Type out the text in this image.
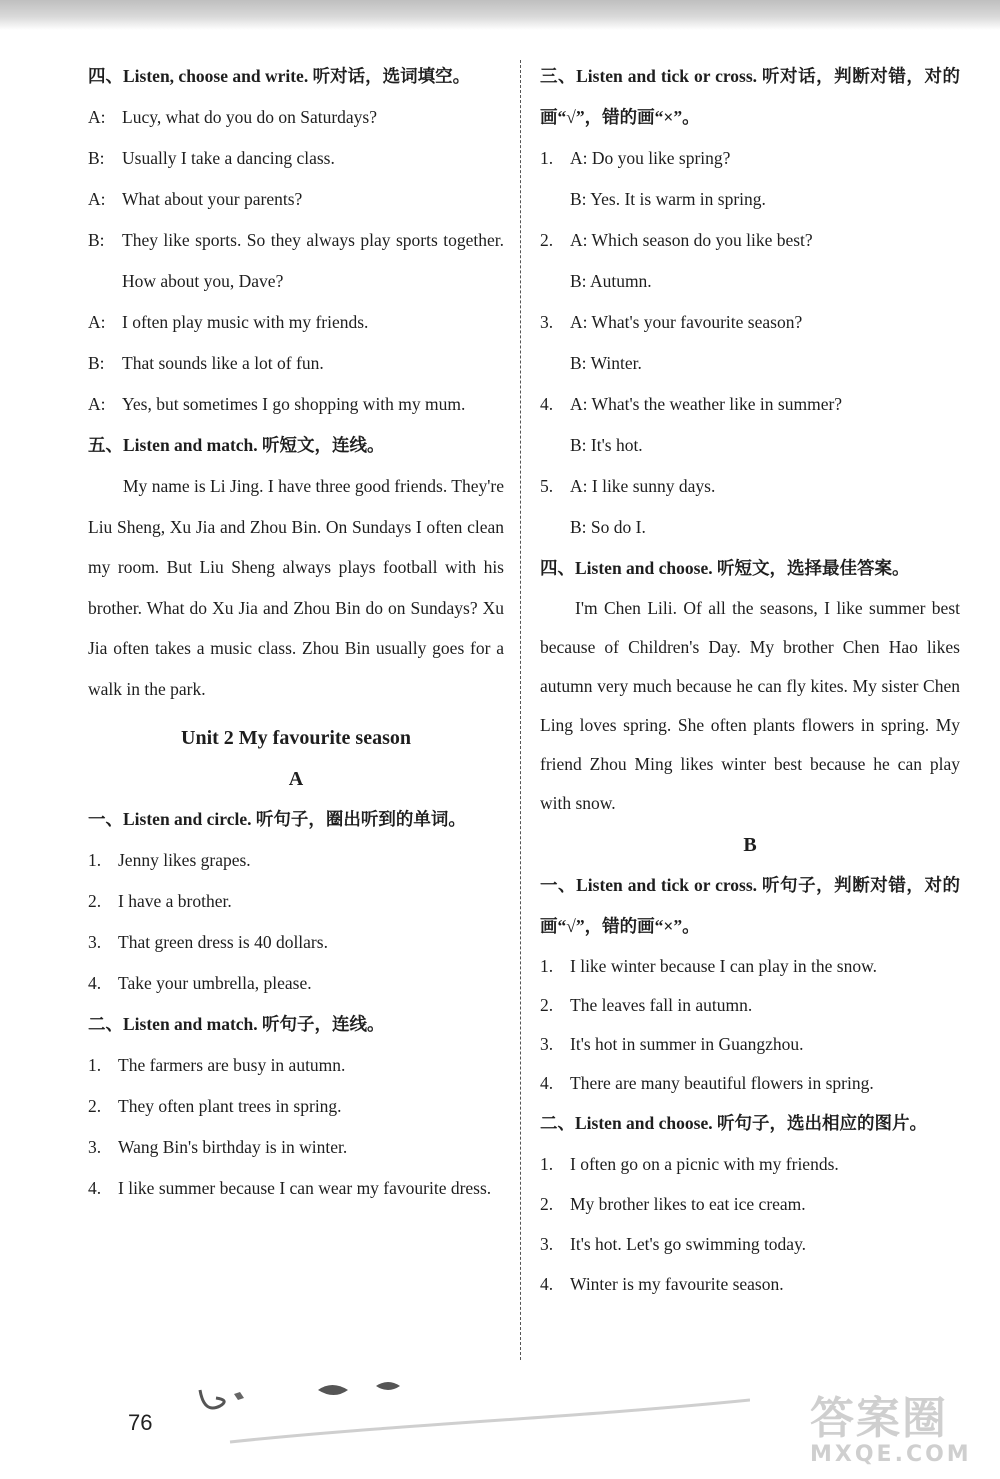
四、Listen, choose and write. 听对话，选词填空。
A: Lucy, what do you do on Saturdays?
B: Usually I take a dancing class.
A: What about your parents?
B: They like sports. So they always play sports together. How about you, Dave?
A: I often play music with my friends.
B: That sounds like a lot of fun.
A: Yes, but sometimes I go shopping with my mum.
五、Listen and match. 听短文，连线。
My name is Li Jing. I have three good friends. They're Liu Sheng, Xu Jia and Zhou Bin. On Sundays I often clean my room. But Liu Sheng always plays football with his brother. What do Xu Jia and Zhou Bin do on Sundays? Xu Jia often takes a music class. Zhou Bin usually goes for a walk in the park.
Unit 2 My favourite season
A
一、Listen and circle. 听句子，圈出听到的单词。
1. Jenny likes grapes.
2. I have a brother.
3. That green dress is 40 dollars.
4. Take your umbrella, please.
二、Listen and match. 听句子，连线。
1. The farmers are busy in autumn.
2. They often plant trees in spring.
3. Wang Bin's birthday is in winter.
4. I like summer because I can wear my favourite dress.
三、Listen and tick or cross. 听对话，判断对错，对的画“√”，错的画“×”。
1. A: Do you like spring?
B: Yes. It is warm in spring.
2. A: Which season do you like best?
B: Autumn.
3. A: What's your favourite season?
B: Winter.
4. A: What's the weather like in summer?
B: It's hot.
5. A: I like sunny days.
B: So do I.
四、Listen and choose. 听短文，选择最佳答案。
I'm Chen Lili. Of all the seasons, I like summer best because of Children's Day. My brother Chen Hao likes autumn very much because he can fly kites. My sister Chen Ling loves spring. She often plants flowers in spring. My friend Zhou Ming likes winter best because he can play with snow.
B
一、Listen and tick or cross. 听句子，判断对错，对的画“√”，错的画“×”。
1. I like winter because I can play in the snow.
2. The leaves fall in autumn.
3. It's hot in summer in Guangzhou.
4. There are many beautiful flowers in spring.
二、Listen and choose. 听句子，选出相应的图片。
1. I often go on a picnic with my friends.
2. My brother likes to eat ice cream.
3. It's hot. Let's go swimming today.
4. Winter is my favourite season.
76	答案圈
MXQE.COM
